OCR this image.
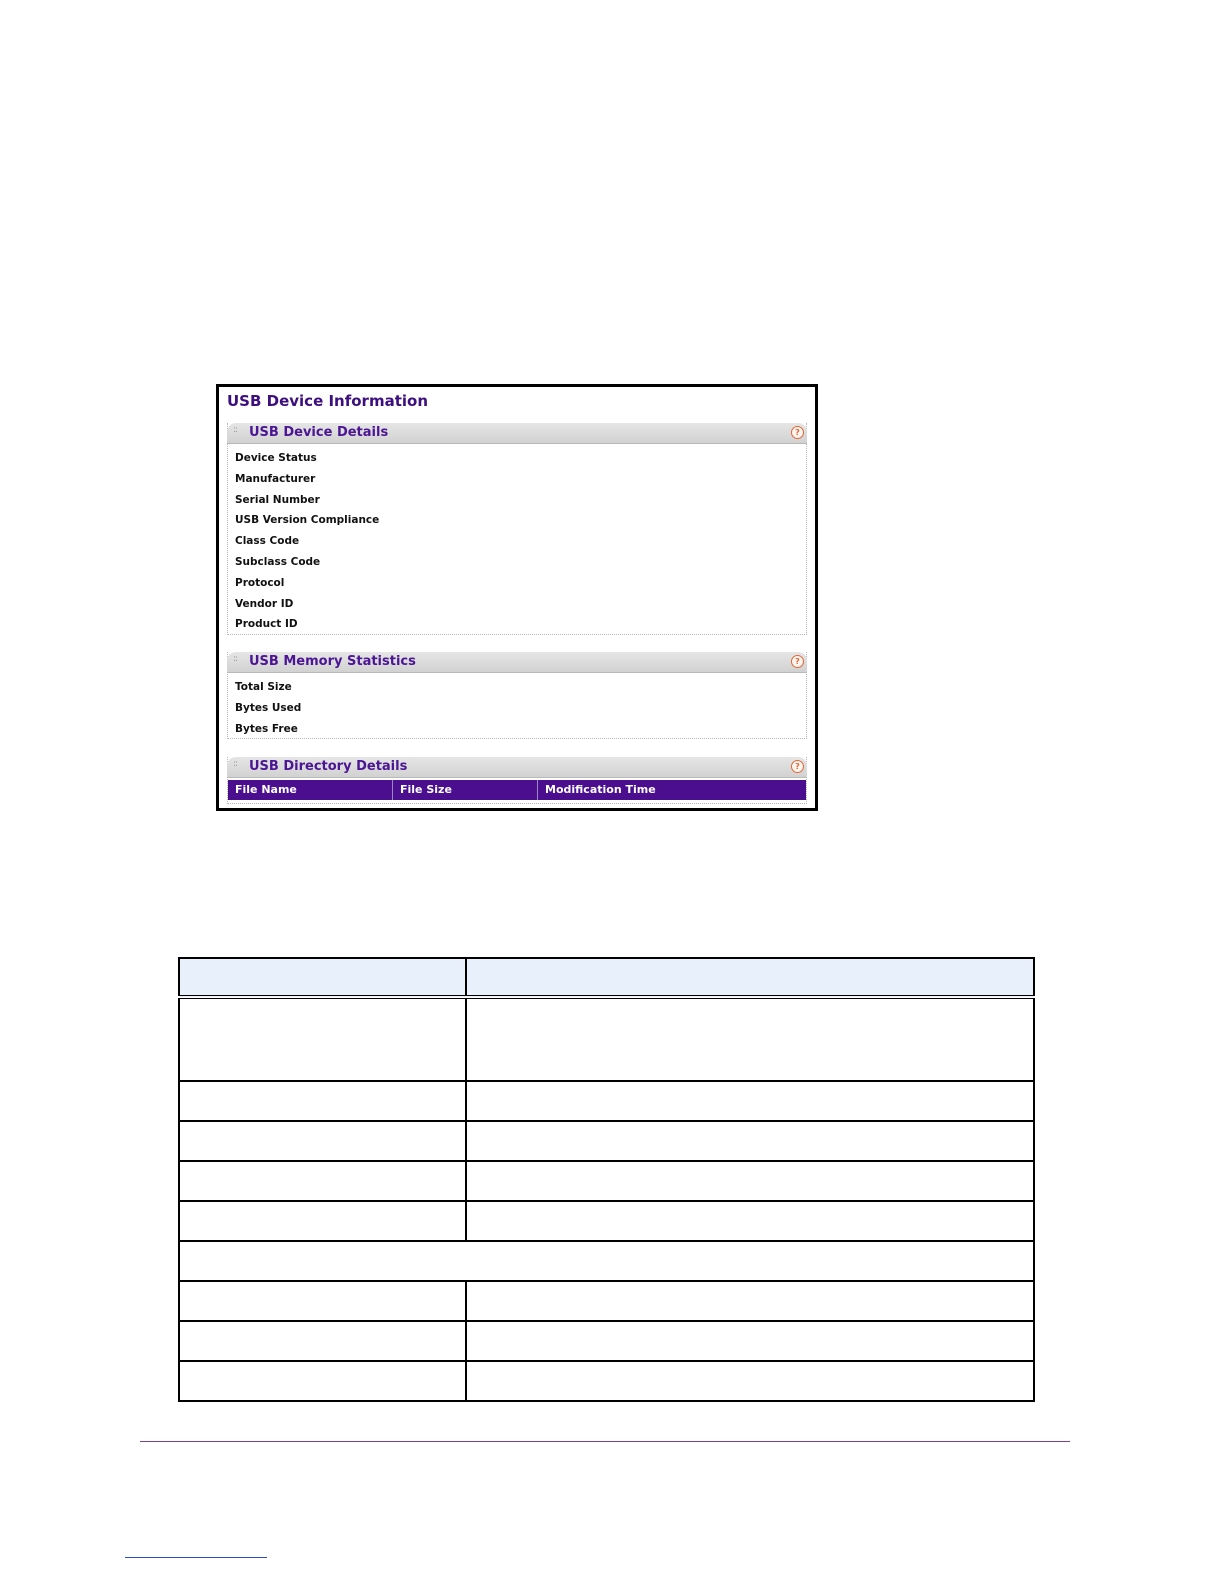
USB Device Information
:: USB Device Details	?
Device Status
Manufacturer
Serial Number
USB Version Compliance
Class Code
Subclass Code
Protocol
Vendor ID
Product ID
:: USB Memory Statistics	?
Total Size
Bytes Used
Bytes Free
:: USB Directory Details	?
File Name	File Size	Modification Time
